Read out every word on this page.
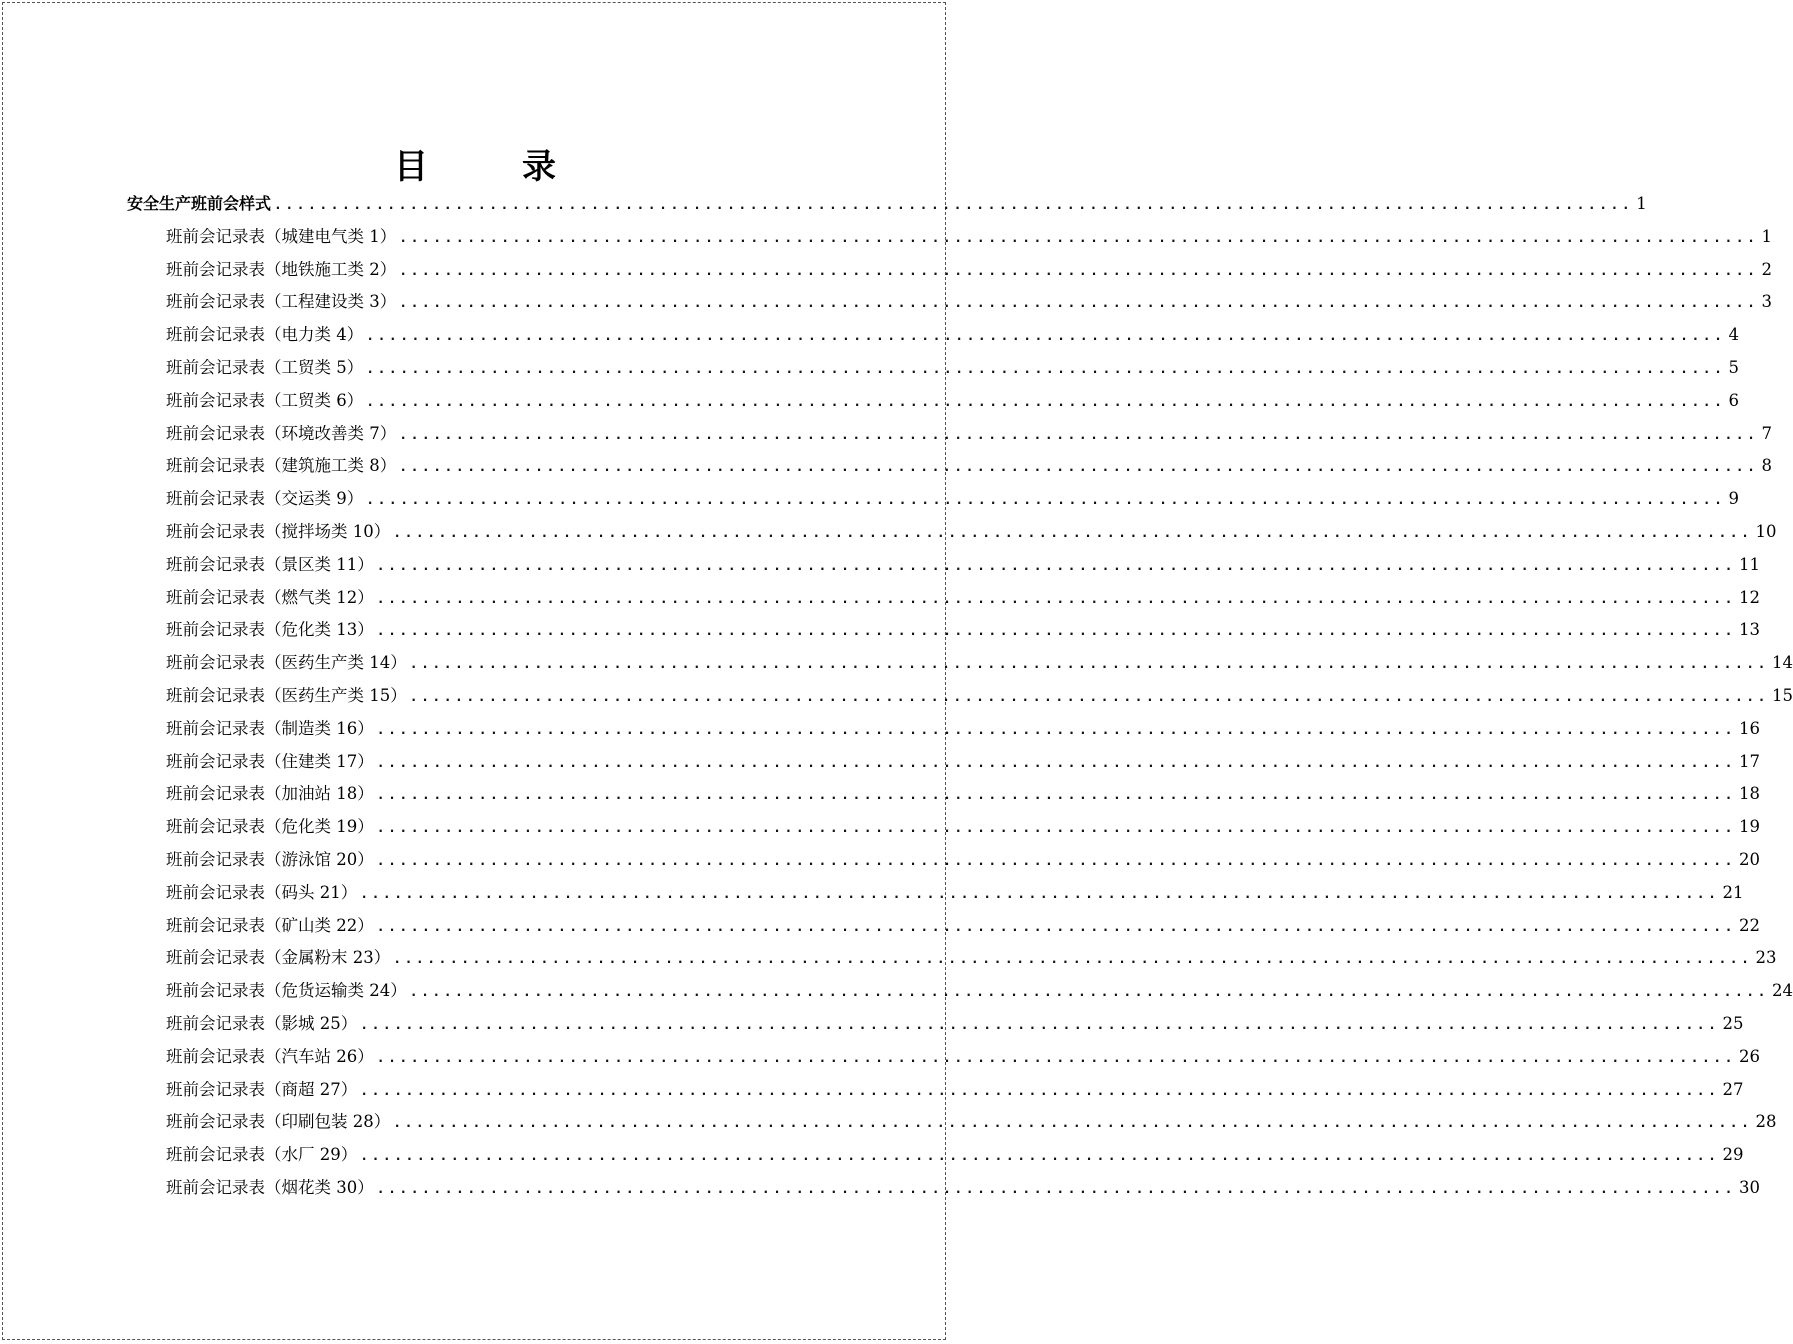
目　录
安全生产班前会样式 ........................................................................................................................ 1
班前会记录表（城建电气类 1） ........................................................................................................................ 1
班前会记录表（地铁施工类 2） ........................................................................................................................ 2
班前会记录表（工程建设类 3） ........................................................................................................................ 3
班前会记录表（电力类 4） ........................................................................................................................ 4
班前会记录表（工贸类 5） ........................................................................................................................ 5
班前会记录表（工贸类 6） ........................................................................................................................ 6
班前会记录表（环境改善类 7） ........................................................................................................................ 7
班前会记录表（建筑施工类 8） ........................................................................................................................ 8
班前会记录表（交运类 9） ........................................................................................................................ 9
班前会记录表（搅拌场类 10） ........................................................................................................................ 10
班前会记录表（景区类 11） ........................................................................................................................ 11
班前会记录表（燃气类 12） ........................................................................................................................ 12
班前会记录表（危化类 13） ........................................................................................................................ 13
班前会记录表（医药生产类 14） ........................................................................................................................ 14
班前会记录表（医药生产类 15） ........................................................................................................................ 15
班前会记录表（制造类 16） ........................................................................................................................ 16
班前会记录表（住建类 17） ........................................................................................................................ 17
班前会记录表（加油站 18） ........................................................................................................................ 18
班前会记录表（危化类 19） ........................................................................................................................ 19
班前会记录表（游泳馆 20） ........................................................................................................................ 20
班前会记录表（码头 21） ........................................................................................................................ 21
班前会记录表（矿山类 22） ........................................................................................................................ 22
班前会记录表（金属粉末 23） ........................................................................................................................ 23
班前会记录表（危货运输类 24） ........................................................................................................................ 24
班前会记录表（影城 25） ........................................................................................................................ 25
班前会记录表（汽车站 26） ........................................................................................................................ 26
班前会记录表（商超 27） ........................................................................................................................ 27
班前会记录表（印刷包装 28） ........................................................................................................................ 28
班前会记录表（水厂 29） ........................................................................................................................ 29
班前会记录表（烟花类 30） ........................................................................................................................ 30
